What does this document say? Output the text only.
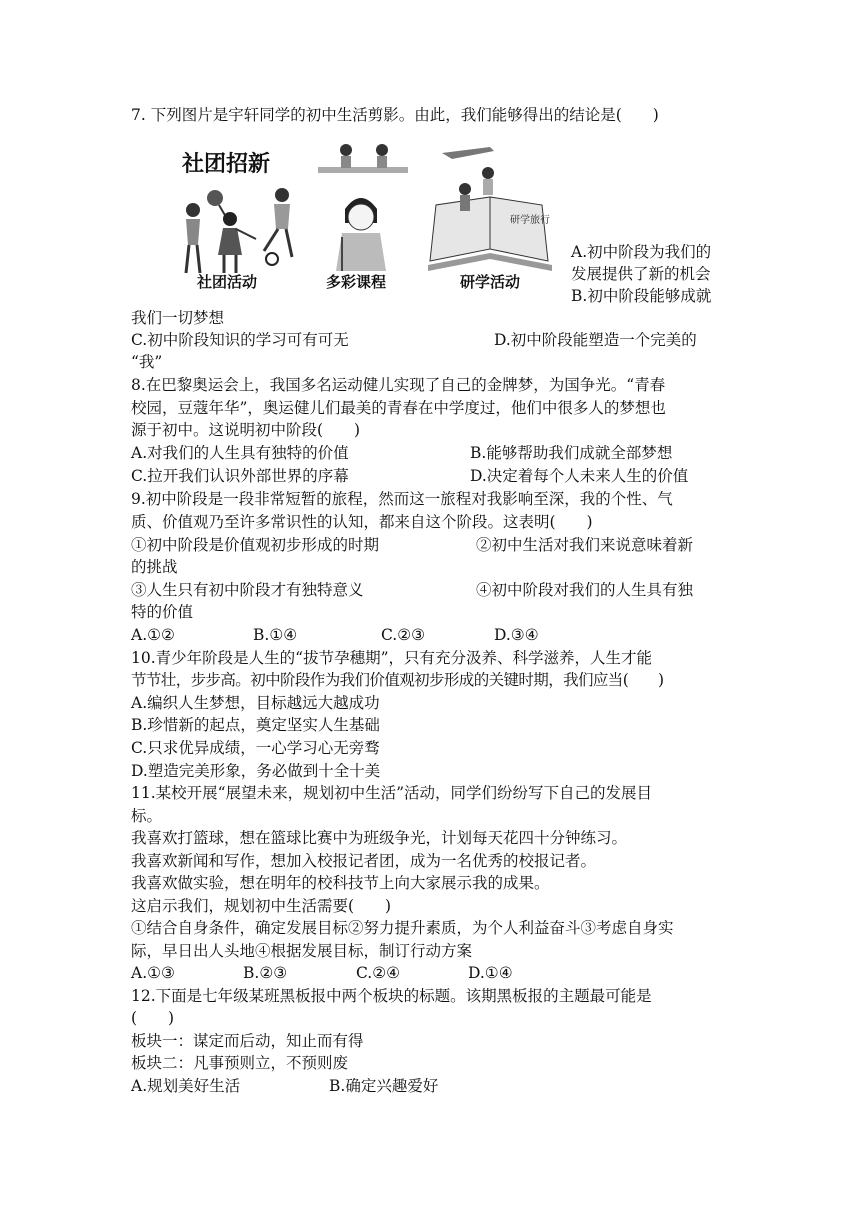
7. 下列图片是宇轩同学的初中生活剪影。由此，我们能够得出的结论是(　　)
社团招新
社团活动	多彩课程
研学旅行
研学活动
A.初中阶段为我们的
发展提供了新的机会
B.初中阶段能够成就
我们一切梦想
C.初中阶段知识的学习可有可无	D.初中阶段能塑造一个完美的
“我”
8.在巴黎奥运会上，我国多名运动健儿实现了自己的金牌梦，为国争光。“青春
校园，豆蔻年华”，奥运健儿们最美的青春在中学度过，他们中很多人的梦想也
源于初中。这说明初中阶段(　　)
A.对我们的人生具有独特的价值	B.能够帮助我们成就全部梦想
C.拉开我们认识外部世界的序幕	D.决定着每个人未来人生的价值
9.初中阶段是一段非常短暂的旅程，然而这一旅程对我影响至深，我的个性、气
质、价值观乃至许多常识性的认知，都来自这个阶段。这表明(　　)
①初中阶段是价值观初步形成的时期	②初中生活对我们来说意味着新
的挑战
③人生只有初中阶段才有独特意义	④初中阶段对我们的人生具有独
特的价值
A.①②	B.①④	C.②③	D.③④
10.青少年阶段是人生的“拔节孕穗期”，只有充分汲养、科学滋养，人生才能
节节壮，步步高。初中阶段作为我们价值观初步形成的关键时期，我们应当(　　)
A.编织人生梦想，目标越远大越成功
B.珍惜新的起点，奠定坚实人生基础
C.只求优异成绩，一心学习心无旁骛
D.塑造完美形象，务必做到十全十美
11.某校开展“展望未来，规划初中生活”活动，同学们纷纷写下自己的发展目
标。
我喜欢打篮球，想在篮球比赛中为班级争光，计划每天花四十分钟练习。
我喜欢新闻和写作，想加入校报记者团，成为一名优秀的校报记者。
我喜欢做实验，想在明年的校科技节上向大家展示我的成果。
这启示我们，规划初中生活需要(　　)
①结合自身条件，确定发展目标②努力提升素质，为个人利益奋斗③考虑自身实
际，早日出人头地④根据发展目标，制订行动方案
A.①③	B.②③	C.②④	D.①④
12.下面是七年级某班黑板报中两个板块的标题。该期黑板报的主题最可能是
(　　)
板块一：谋定而后动，知止而有得
板块二：凡事预则立，不预则废
A.规划美好生活	B.确定兴趣爱好
